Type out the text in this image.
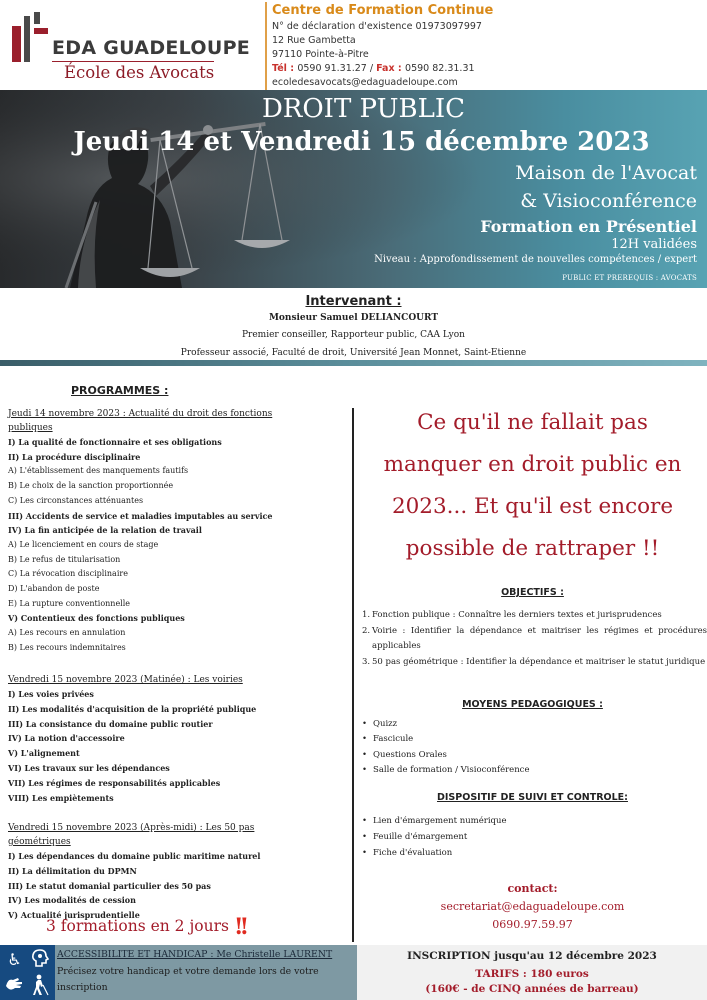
EDA GUADELOUPE
École des Avocats
Centre de Formation Continue
N° de déclaration d'existence 01973097997
12 Rue Gambetta
97110 Pointe-à-Pitre
Tél : 0590 91.31.27 / Fax : 0590 82.31.31
ecoledesavocats@edaguadeloupe.com
DROIT PUBLIC
Jeudi 14 et Vendredi 15 décembre 2023
Maison de l'Avocat
& Visioconférence
Formation en Présentiel
12H validées
Niveau : Approfondissement de nouvelles compétences / expert
PUBLIC ET PREREQUIS : AVOCATS
Intervenant :
Monsieur Samuel DELIANCOURT
Premier conseiller, Rapporteur public, CAA Lyon
Professeur associé, Faculté de droit, Université Jean Monnet, Saint-Etienne
PROGRAMMES :
Jeudi 14 novembre 2023 : Actualité du droit des fonctions publiques
I) La qualité de fonctionnaire et ses obligations
II) La procédure disciplinaire
A) L'établissement des manquements fautifs
B) Le choix de la sanction proportionnée
C) Les circonstances atténuantes
III) Accidents de service et maladies imputables au service
IV) La fin anticipée de la relation de travail
A) Le licenciement en cours de stage
B) Le refus de titularisation
C) La révocation disciplinaire
D) L'abandon de poste
E) La rupture conventionnelle
V) Contentieux des fonctions publiques
A) Les recours en annulation
B) Les recours indemnitaires
Vendredi 15 novembre 2023 (Matinée) : Les voiries
I) Les voies privées
II) Les modalités d'acquisition de la propriété publique
III) La consistance du domaine public routier
IV) La notion d'accessoire
V) L'alignement
VI) Les travaux sur les dépendances
VII) Les régimes de responsabilités applicables
VIII) Les empiètements
Vendredi 15 novembre 2023 (Après-midi) : Les 50 pas géométriques
I) Les dépendances du domaine public maritime naturel
II) La délimitation du DPMN
III) Le statut domanial particulier des 50 pas
IV) Les modalités de cession
V) Actualité jurisprudentielle
Ce qu'il ne fallait pas
manquer en droit public en
2023... Et qu'il est encore
possible de rattraper !!
OBJECTIFS :
1. Fonction publique : Connaître les derniers textes et jurisprudences
2. Voirie : Identifier la dépendance et maitriser les régimes et procédures applicables
3. 50 pas géométrique : Identifier la dépendance et maitriser le statut juridique
MOYENS PEDAGOGIQUES :
• Quizz
• Fascicule
• Questions Orales
• Salle de formation / Visioconférence
DISPOSITIF DE SUIVI ET CONTROLE:
• Lien d'émargement numérique
• Feuille d'émargement
• Fiche d'évaluation
contact:
secretariat@edaguadeloupe.com
0690.97.59.97
3 formations en 2 jours !!
♿	ACCESSIBILITE ET HANDICAP : Me Christelle LAURENT
Précisez votre handicap et votre demande lors de votre inscription
INSCRIPTION jusqu'au 12 décembre 2023
TARIFS : 180 euros
(160€ - de CINQ années de barreau)
